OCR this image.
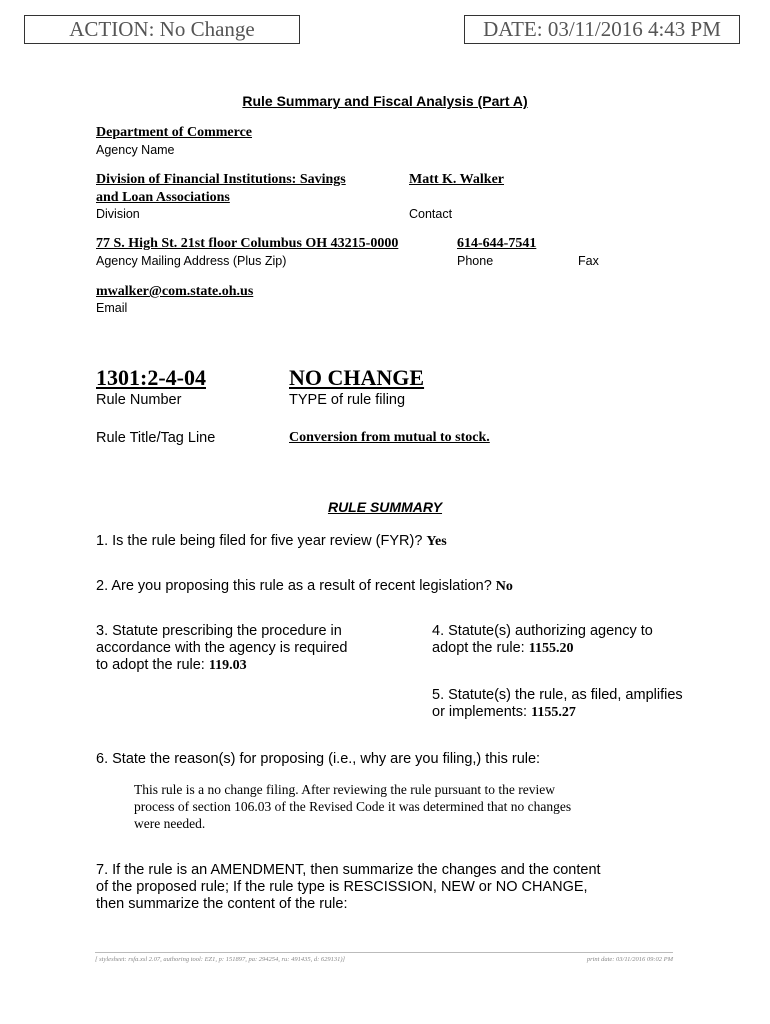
ACTION: No Change	DATE: 03/11/2016 4:43 PM
Rule Summary and Fiscal Analysis (Part A)
Department of Commerce
Agency Name
Division of Financial Institutions: Savings
and Loan Associations
Division
Matt K. Walker
Contact
77 S. High St. 21st floor Columbus OH 43215-0000
Agency Mailing Address (Plus Zip)
614-644-7541
Phone	Fax
mwalker@com.state.oh.us
Email
1301:2-4-04
Rule Number
NO CHANGE
TYPE of rule filing
Rule Title/Tag Line	Conversion from mutual to stock.
RULE SUMMARY
1. Is the rule being filed for five year review (FYR)? Yes
2. Are you proposing this rule as a result of recent legislation? No
3. Statute prescribing the procedure in
accordance with the agency is required
to adopt the rule: 119.03
4. Statute(s) authorizing agency to
adopt the rule: 1155.20
5. Statute(s) the rule, as filed, amplifies
or implements: 1155.27
6. State the reason(s) for proposing (i.e., why are you filing,) this rule:
This rule is a no change filing. After reviewing the rule pursuant to the review
process of section 106.03 of the Revised Code it was determined that no changes
were needed.
7. If the rule is an AMENDMENT, then summarize the changes and the content
of the proposed rule; If the rule type is RESCISSION, NEW or NO CHANGE,
then summarize the content of the rule:
[ stylesheet: rsfa.xsl 2.07, authoring tool: EZ1, p: 151897, pa: 294254, ru: 491435, d: 629131)]	print date: 03/11/2016 09:02 PM
